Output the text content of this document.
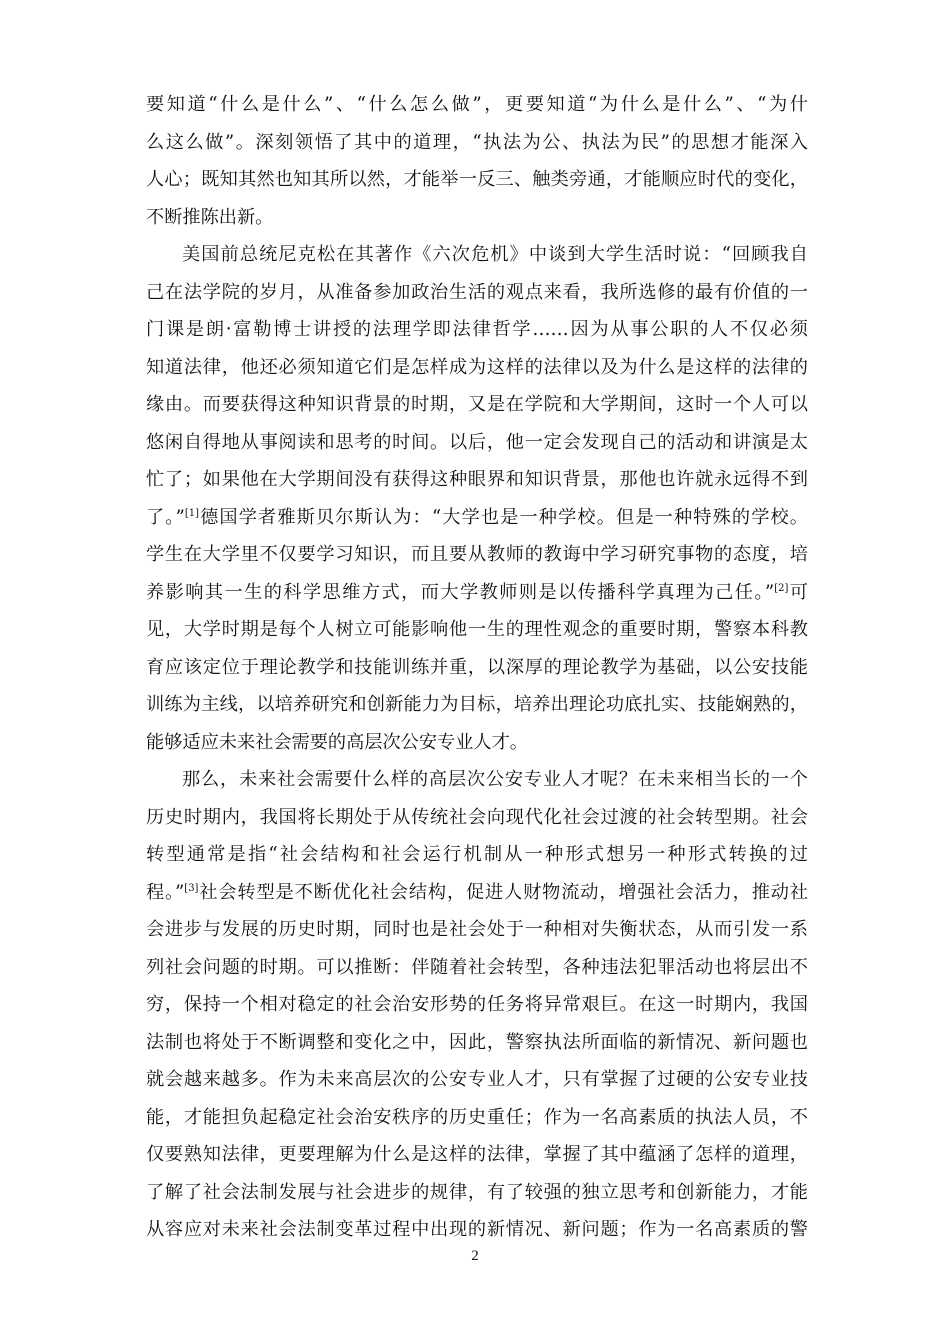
要知道“什么是什么”、“什么怎么做”，更要知道“为什么是什么”、“为什
么这么做”。深刻领悟了其中的道理，“执法为公、执法为民”的思想才能深入
人心；既知其然也知其所以然，才能举一反三、触类旁通，才能顺应时代的变化，
不断推陈出新。
美国前总统尼克松在其著作《六次危机》中谈到大学生活时说：“回顾我自
己在法学院的岁月，从准备参加政治生活的观点来看，我所选修的最有价值的一
门课是朗·富勒博士讲授的法理学即法律哲学……因为从事公职的人不仅必须
知道法律，他还必须知道它们是怎样成为这样的法律以及为什么是这样的法律的
缘由。而要获得这种知识背景的时期，又是在学院和大学期间，这时一个人可以
悠闲自得地从事阅读和思考的时间。以后，他一定会发现自己的活动和讲演是太
忙了；如果他在大学期间没有获得这种眼界和知识背景，那他也许就永远得不到
了。”[1]德国学者雅斯贝尔斯认为：“大学也是一种学校。但是一种特殊的学校。
学生在大学里不仅要学习知识，而且要从教师的教诲中学习研究事物的态度，培
养影响其一生的科学思维方式，而大学教师则是以传播科学真理为己任。”[2]可
见，大学时期是每个人树立可能影响他一生的理性观念的重要时期，警察本科教
育应该定位于理论教学和技能训练并重，以深厚的理论教学为基础，以公安技能
训练为主线，以培养研究和创新能力为目标，培养出理论功底扎实、技能娴熟的，
能够适应未来社会需要的高层次公安专业人才。
那么，未来社会需要什么样的高层次公安专业人才呢？在未来相当长的一个
历史时期内，我国将长期处于从传统社会向现代化社会过渡的社会转型期。社会
转型通常是指“社会结构和社会运行机制从一种形式想另一种形式转换的过
程。”[3]社会转型是不断优化社会结构，促进人财物流动，增强社会活力，推动社
会进步与发展的历史时期，同时也是社会处于一种相对失衡状态，从而引发一系
列社会问题的时期。可以推断：伴随着社会转型，各种违法犯罪活动也将层出不
穷，保持一个相对稳定的社会治安形势的任务将异常艰巨。在这一时期内，我国
法制也将处于不断调整和变化之中，因此，警察执法所面临的新情况、新问题也
就会越来越多。作为未来高层次的公安专业人才，只有掌握了过硬的公安专业技
能，才能担负起稳定社会治安秩序的历史重任；作为一名高素质的执法人员，不
仅要熟知法律，更要理解为什么是这样的法律，掌握了其中蕴涵了怎样的道理，
了解了社会法制发展与社会进步的规律，有了较强的独立思考和创新能力，才能
从容应对未来社会法制变革过程中出现的新情况、新问题；作为一名高素质的警
2
